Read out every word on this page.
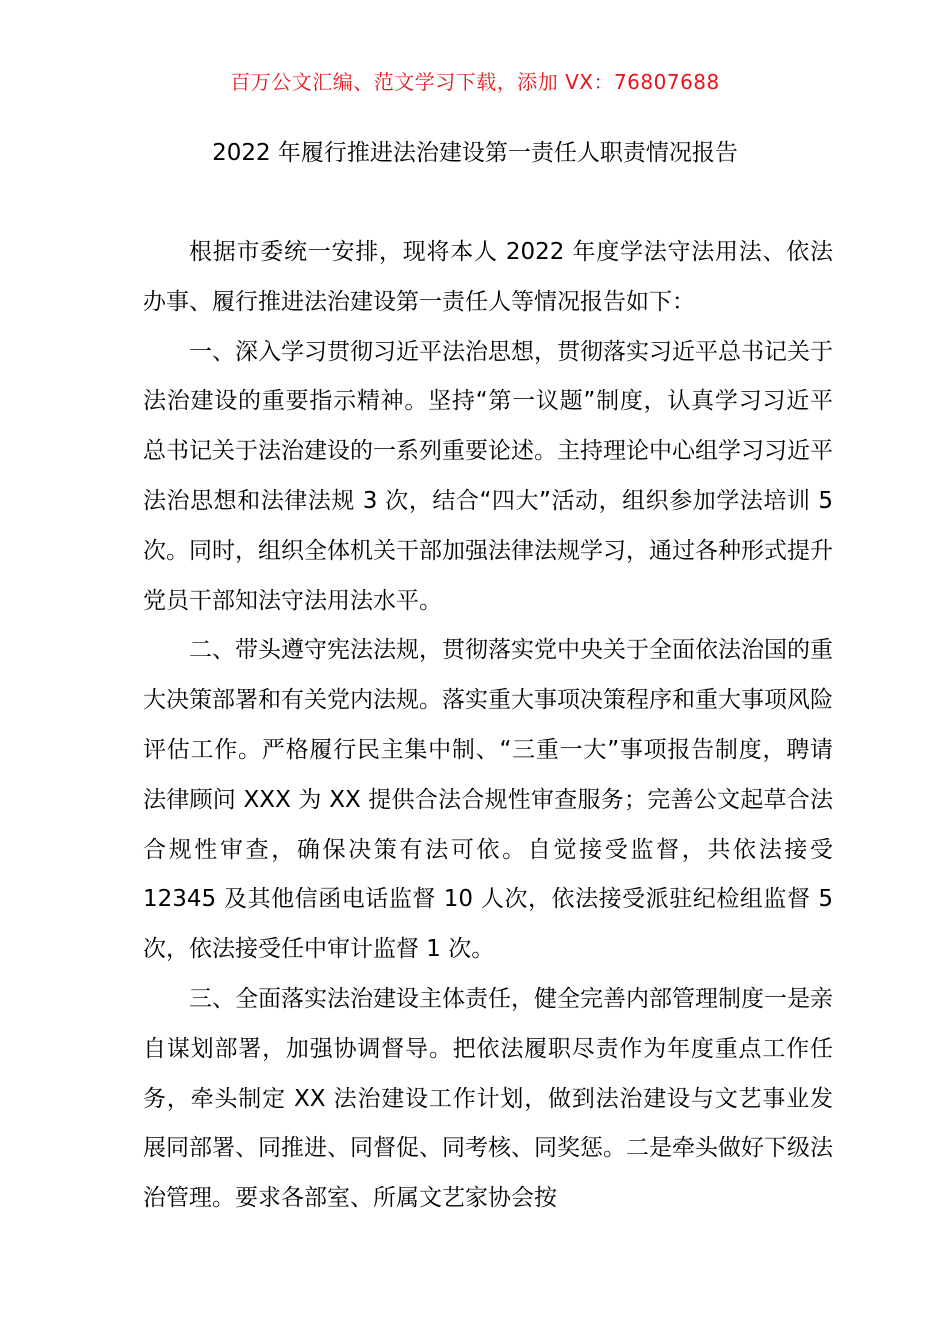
百万公文汇编、范文学习下载，添加 VX：76807688
2022 年履行推进法治建设第一责任人职责情况报告

根据市委统一安排，现将本人 2022 年度学法守法用法、依法办事、履行推进法治建设第一责任人等情况报告如下：

一、深入学习贯彻习近平法治思想，贯彻落实习近平总书记关于法治建设的重要指示精神。坚持“第一议题”制度，认真学习习近平总书记关于法治建设的一系列重要论述。主持理论中心组学习习近平法治思想和法律法规 3 次，结合“四大”活动，组织参加学法培训 5 次。同时，组织全体机关干部加强法律法规学习，通过各种形式提升党员干部知法守法用法水平。

二、带头遵守宪法法规，贯彻落实党中央关于全面依法治国的重大决策部署和有关党内法规。落实重大事项决策程序和重大事项风险评估工作。严格履行民主集中制、“三重一大”事项报告制度，聘请法律顾问 XXX 为 XX 提供合法合规性审查服务；完善公文起草合法合规性审查，确保决策有法可依。自觉接受监督，共依法接受 12345 及其他信函电话监督 10 人次，依法接受派驻纪检组监督 5 次，依法接受任中审计监督 1 次。

三、全面落实法治建设主体责任，健全完善内部管理制度一是亲自谋划部署，加强协调督导。把依法履职尽责作为年度重点工作任务，牵头制定 XX 法治建设工作计划，做到法治建设与文艺事业发展同部署、同推进、同督促、同考核、同奖惩。二是牵头做好下级法治管理。要求各部室、所属文艺家协会按
